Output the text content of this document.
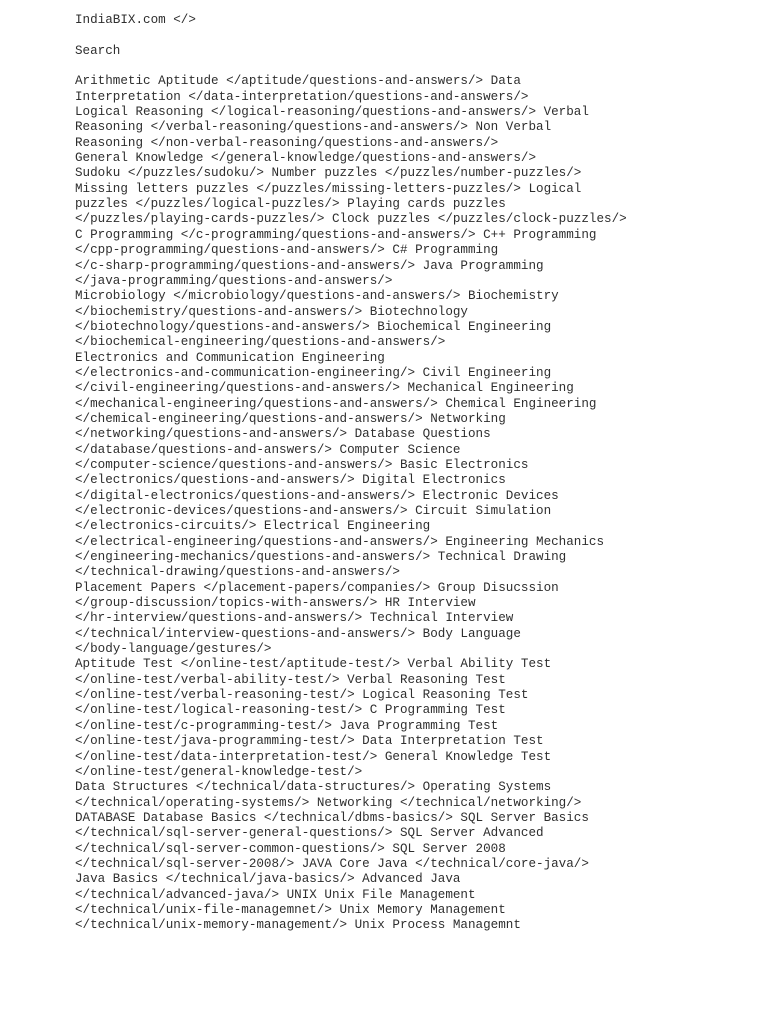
IndiaBIX.com </>
Search
Arithmetic Aptitude </aptitude/questions-and-answers/> Data
Interpretation </data-interpretation/questions-and-answers/>
Logical Reasoning </logical-reasoning/questions-and-answers/> Verbal
Reasoning </verbal-reasoning/questions-and-answers/> Non Verbal
Reasoning </non-verbal-reasoning/questions-and-answers/>
General Knowledge </general-knowledge/questions-and-answers/>
Sudoku </puzzles/sudoku/> Number puzzles </puzzles/number-puzzles/>
Missing letters puzzles </puzzles/missing-letters-puzzles/> Logical
puzzles </puzzles/logical-puzzles/> Playing cards puzzles
</puzzles/playing-cards-puzzles/> Clock puzzles </puzzles/clock-puzzles/>
C Programming </c-programming/questions-and-answers/> C++ Programming
</cpp-programming/questions-and-answers/> C# Programming
</c-sharp-programming/questions-and-answers/> Java Programming
</java-programming/questions-and-answers/>
Microbiology </microbiology/questions-and-answers/> Biochemistry
</biochemistry/questions-and-answers/> Biotechnology
</biotechnology/questions-and-answers/> Biochemical Engineering
</biochemical-engineering/questions-and-answers/>
Electronics and Communication Engineering
</electronics-and-communication-engineering/> Civil Engineering
</civil-engineering/questions-and-answers/> Mechanical Engineering
</mechanical-engineering/questions-and-answers/> Chemical Engineering
</chemical-engineering/questions-and-answers/> Networking
</networking/questions-and-answers/> Database Questions
</database/questions-and-answers/> Computer Science
</computer-science/questions-and-answers/> Basic Electronics
</electronics/questions-and-answers/> Digital Electronics
</digital-electronics/questions-and-answers/> Electronic Devices
</electronic-devices/questions-and-answers/> Circuit Simulation
</electronics-circuits/> Electrical Engineering
</electrical-engineering/questions-and-answers/> Engineering Mechanics
</engineering-mechanics/questions-and-answers/> Technical Drawing
</technical-drawing/questions-and-answers/>
Placement Papers </placement-papers/companies/> Group Disucssion
</group-discussion/topics-with-answers/> HR Interview
</hr-interview/questions-and-answers/> Technical Interview
</technical/interview-questions-and-answers/> Body Language
</body-language/gestures/>
Aptitude Test </online-test/aptitude-test/> Verbal Ability Test
</online-test/verbal-ability-test/> Verbal Reasoning Test
</online-test/verbal-reasoning-test/> Logical Reasoning Test
</online-test/logical-reasoning-test/> C Programming Test
</online-test/c-programming-test/> Java Programming Test
</online-test/java-programming-test/> Data Interpretation Test
</online-test/data-interpretation-test/> General Knowledge Test
</online-test/general-knowledge-test/>
Data Structures </technical/data-structures/> Operating Systems
</technical/operating-systems/> Networking </technical/networking/>
DATABASE Database Basics </technical/dbms-basics/> SQL Server Basics
</technical/sql-server-general-questions/> SQL Server Advanced
</technical/sql-server-common-questions/> SQL Server 2008
</technical/sql-server-2008/> JAVA Core Java </technical/core-java/>
Java Basics </technical/java-basics/> Advanced Java
</technical/advanced-java/> UNIX Unix File Management
</technical/unix-file-managemnet/> Unix Memory Management
</technical/unix-memory-management/> Unix Process Managemnt
